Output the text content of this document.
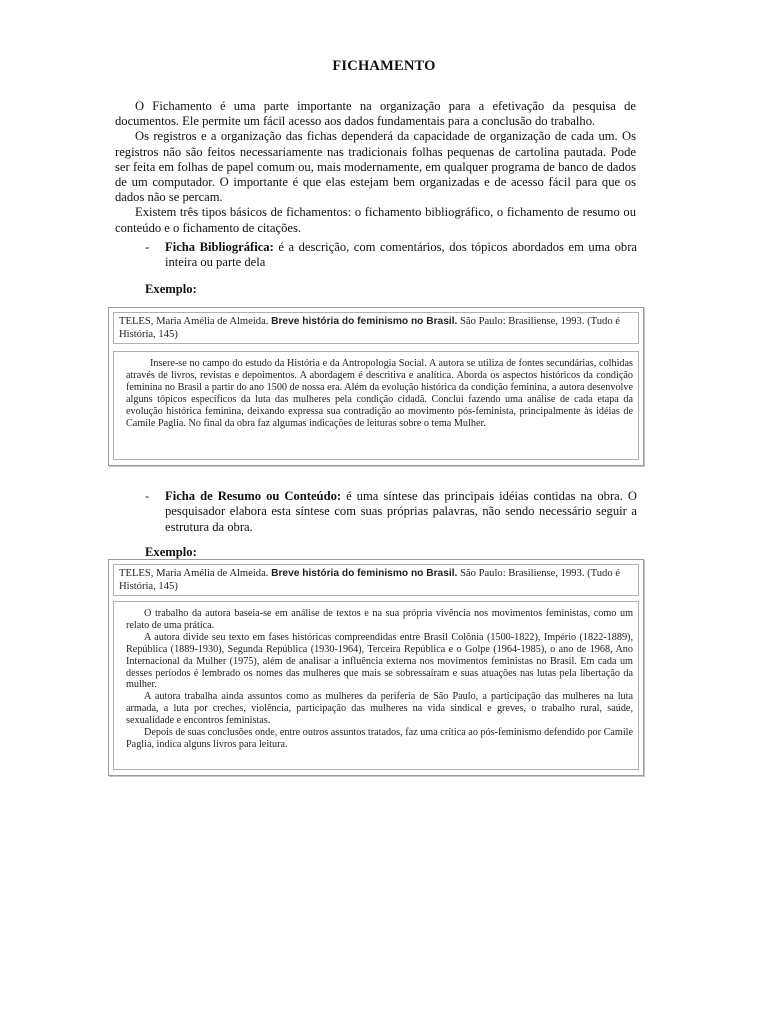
FICHAMENTO

O Fichamento é uma parte importante na organização para a efetivação da pesquisa de documentos. Ele permite um fácil acesso aos dados fundamentais para a conclusão do trabalho.

Os registros e a organização das fichas dependerá da capacidade de organização de cada um. Os registros não são feitos necessariamente nas tradicionais folhas pequenas de cartolina pautada. Pode ser feita em folhas de papel comum ou, mais modernamente, em qualquer programa de banco de dados de um computador. O importante é que elas estejam bem organizadas e de acesso fácil para que os dados não se percam.

Existem três tipos básicos de fichamentos: o fichamento bibliográfico, o fichamento de resumo ou conteúdo e o fichamento de citações.

- Ficha Bibliográfica: é a descrição, com comentários, dos tópicos abordados em uma obra inteira ou parte dela
Exemplo:
TELES, Maria Amélia de Almeida. Breve história do feminismo no Brasil. São Paulo: Brasiliense, 1993. (Tudo é História, 145)

Insere-se no campo do estudo da História e da Antropologia Social. A autora se utiliza de fontes secundárias, colhidas através de livros, revistas e depoimentos. A abordagem é descritiva e analítica. Aborda os aspectos históricos da condição feminina no Brasil a partir do ano 1500 de nossa era. Além da evolução histórica da condição feminina, a autora desenvolve alguns tópicos específicos da luta das mulheres pela condição cidadã. Conclui fazendo uma análise de cada etapa da evolução histórica feminina, deixando expressa sua contradição ao movimento pós-feminista, principalmente às idéias de Camile Paglia. No final da obra faz algumas indicações de leituras sobre o tema Mulher.

- Ficha de Resumo ou Conteúdo: é uma síntese das principais idéias contidas na obra. O pesquisador elabora esta síntese com suas próprias palavras, não sendo necessário seguir a estrutura da obra.
Exemplo:
TELES, Maria Amélia de Almeida. Breve história do feminismo no Brasil. São Paulo: Brasiliense, 1993. (Tudo é História, 145)

O trabalho da autora baseia-se em análise de textos e na sua própria vivência nos movimentos feministas, como um relato de uma prática.

A autora divide seu texto em fases históricas compreendidas entre Brasil Colônia (1500-1822), Império (1822-1889), República (1889-1930), Segunda República (1930-1964), Terceira República e o Golpe (1964-1985), o ano de 1968, Ano Internacional da Mulher (1975), além de analisar a influência externa nos movimentos feministas no Brasil. Em cada um desses períodos é lembrado os nomes das mulheres que mais se sobressaíram e suas atuações nas lutas pela libertação da mulher.

A autora trabalha ainda assuntos como as mulheres da periferia de São Paulo, a participação das mulheres na luta armada, a luta por creches, violência, participação das mulheres na vida sindical e greves, o trabalho rural, saúde, sexualidade e encontros feministas.

Depois de suas conclusões onde, entre outros assuntos tratados, faz uma crítica ao pós-feminismo defendido por Camile Paglia, indica alguns livros para leitura.
